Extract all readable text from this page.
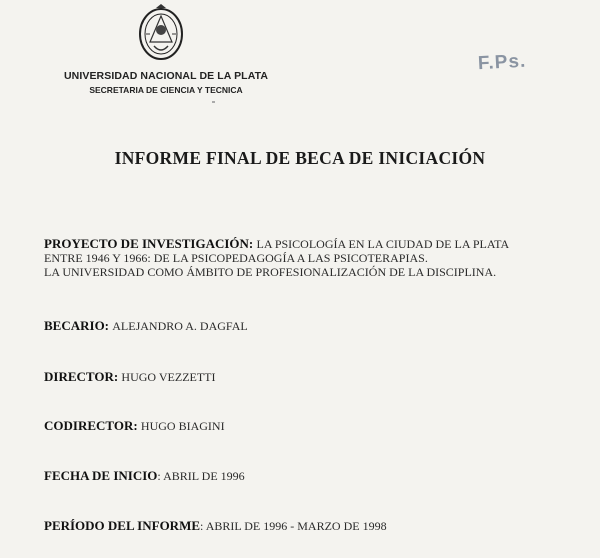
UNIVERSIDAD NACIONAL DE LA PLATA
SECRETARIA DE CIENCIA Y TECNICA
F.Ps.
INFORME FINAL DE BECA DE INICIACIÓN
PROYECTO DE INVESTIGACIÓN: LA PSICOLOGÍA EN LA CIUDAD DE LA PLATA
ENTRE 1946 Y 1966: DE LA PSICOPEDAGOGÍA A LAS PSICOTERAPIAS.
LA UNIVERSIDAD COMO ÁMBITO DE PROFESIONALIZACIÓN DE LA DISCIPLINA.
BECARIO: ALEJANDRO A. DAGFAL
DIRECTOR: HUGO VEZZETTI
CODIRECTOR: HUGO BIAGINI
FECHA DE INICIO: ABRIL DE 1996
PERÍODO DEL INFORME: ABRIL DE 1996 - MARZO DE 1998
